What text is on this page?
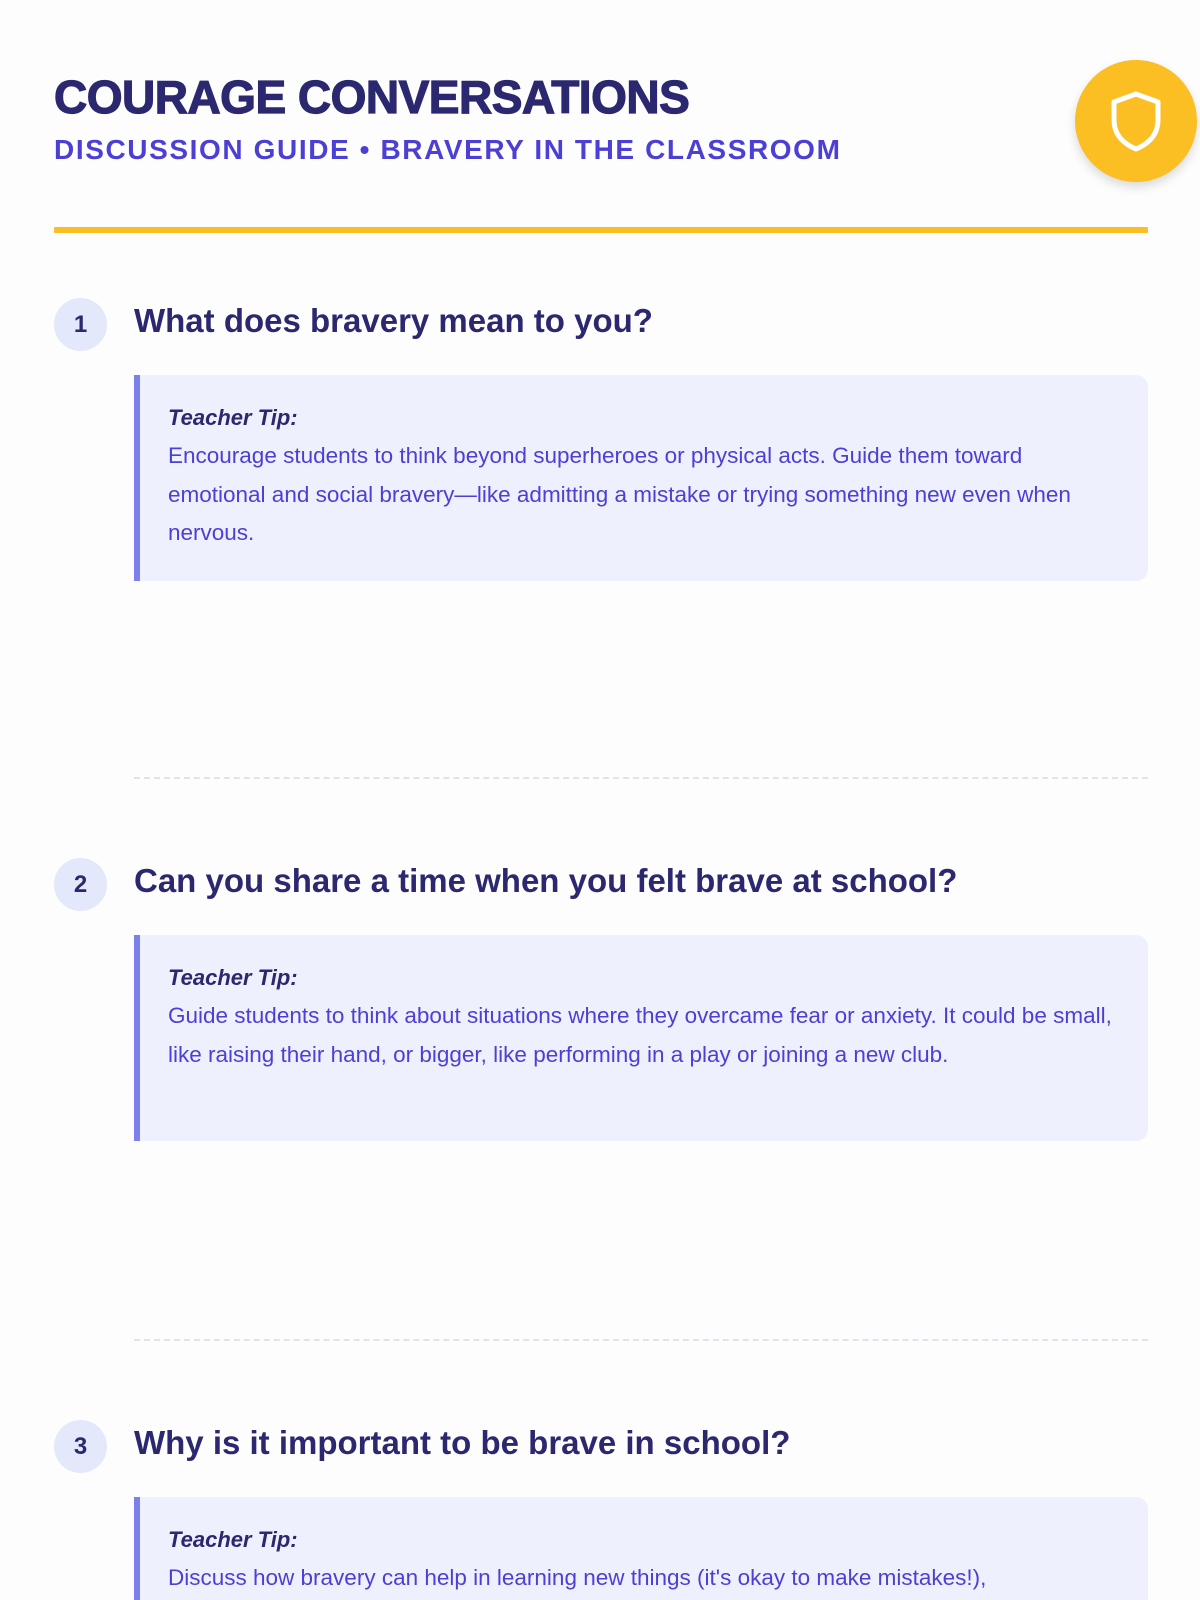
COURAGE CONVERSATIONS
DISCUSSION GUIDE • BRAVERY IN THE CLASSROOM
1	What does bravery mean to you?
Teacher Tip:

Encourage students to think beyond superheroes or physical acts. Guide them toward emotional and social bravery—like admitting a mistake or trying something new even when nervous.

2	Can you share a time when you felt brave at school?
Teacher Tip:

Guide students to think about situations where they overcame fear or anxiety. It could be small, like raising their hand, or bigger, like performing in a play or joining a new club.

3	Why is it important to be brave in school?
Teacher Tip:

Discuss how bravery can help in learning new things (it's okay to make mistakes!),
